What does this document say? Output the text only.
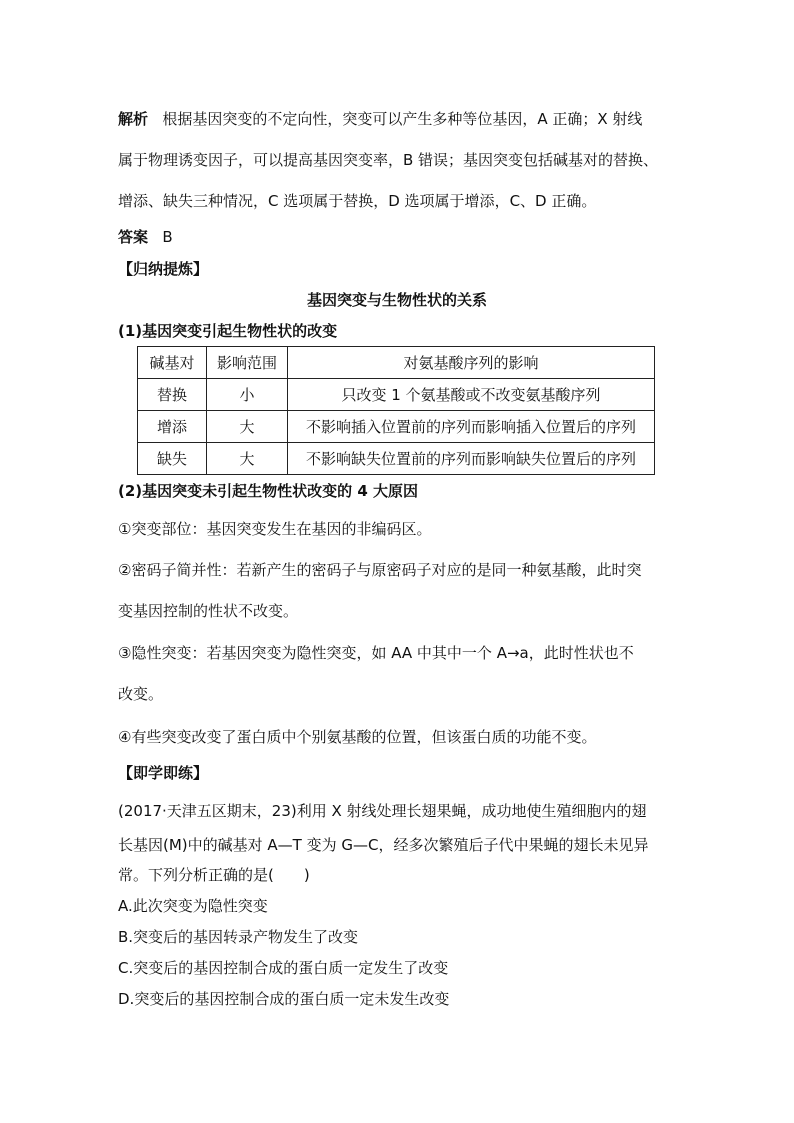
解析 根据基因突变的不定向性，突变可以产生多种等位基因，A 正确；X 射线
属于物理诱变因子，可以提高基因突变率，B 错误；基因突变包括碱基对的替换、
增添、缺失三种情况，C 选项属于替换，D 选项属于增添，C、D 正确。
答案 B
【归纳提炼】
基因突变与生物性状的关系
(1)基因突变引起生物性状的改变
碱基对	影响范围	对氨基酸序列的影响
替换	小	只改变 1 个氨基酸或不改变氨基酸序列
增添	大	不影响插入位置前的序列而影响插入位置后的序列
缺失	大	不影响缺失位置前的序列而影响缺失位置后的序列
(2)基因突变未引起生物性状改变的 4 大原因
①突变部位：基因突变发生在基因的非编码区。
②密码子简并性：若新产生的密码子与原密码子对应的是同一种氨基酸，此时突
变基因控制的性状不改变。
③隐性突变：若基因突变为隐性突变，如 AA 中其中一个 A→a，此时性状也不
改变。
④有些突变改变了蛋白质中个别氨基酸的位置，但该蛋白质的功能不变。
【即学即练】
(2017·天津五区期末，23)利用 X 射线处理长翅果蝇，成功地使生殖细胞内的翅
长基因(M)中的碱基对 A—T 变为 G—C，经多次繁殖后子代中果蝇的翅长未见异
常。下列分析正确的是(　　)
A.此次突变为隐性突变
B.突变后的基因转录产物发生了改变
C.突变后的基因控制合成的蛋白质一定发生了改变
D.突变后的基因控制合成的蛋白质一定未发生改变
